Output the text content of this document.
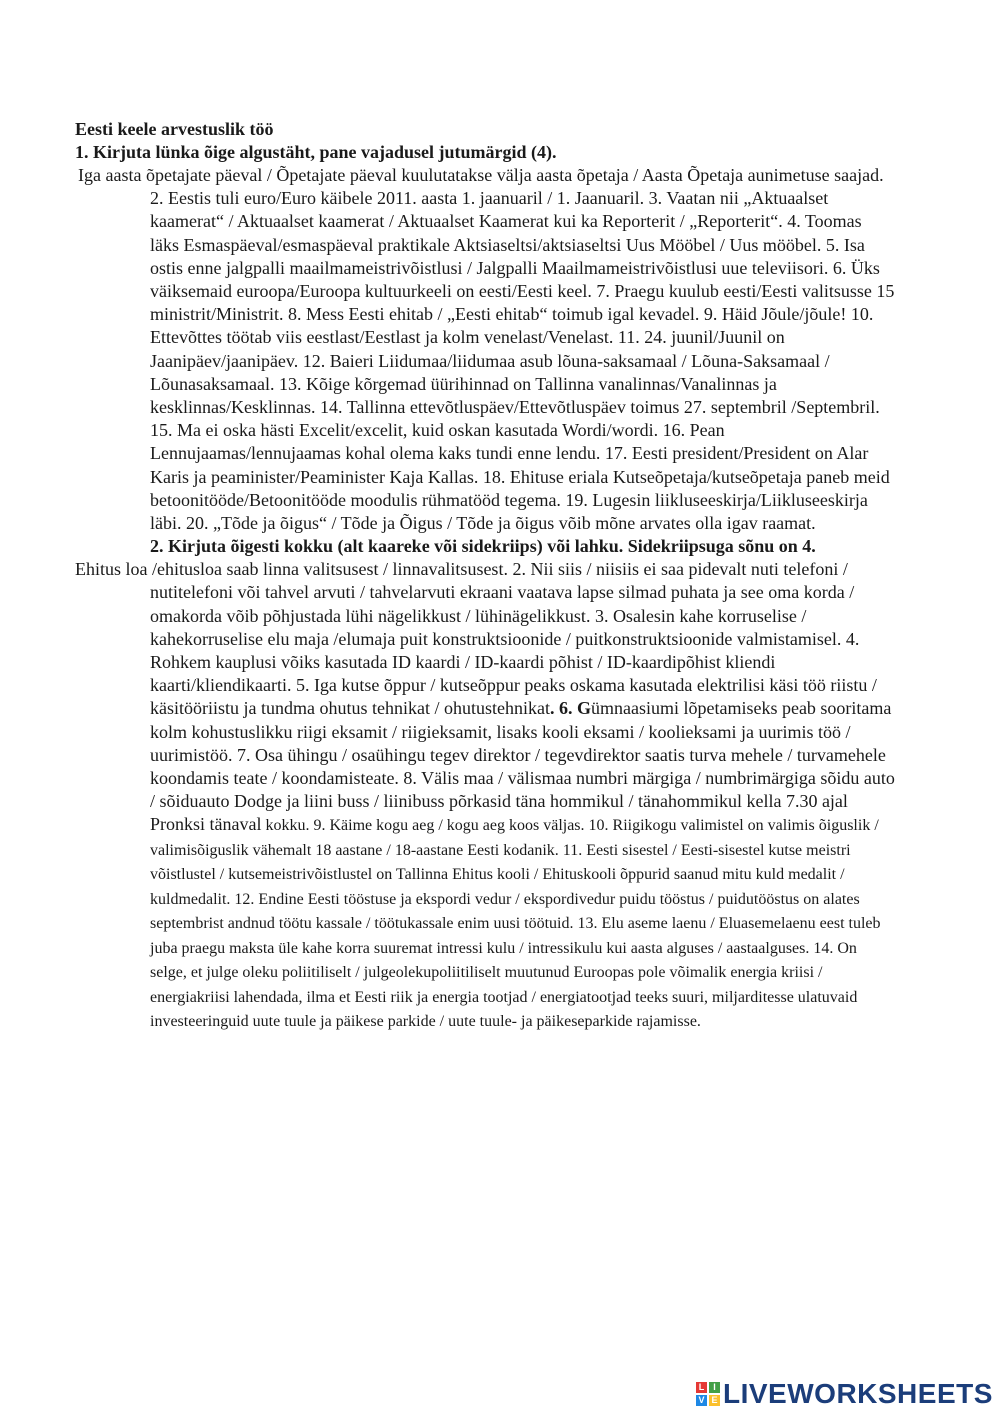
Eesti keele arvestuslik töö

1. Kirjuta lünka õige algustäht, pane vajadusel jutumärgid (4).

Iga aasta õpetajate päeval / Õpetajate päeval kuulutatakse välja aasta õpetaja / Aasta Õpetaja aunimetuse saajad. 2. Eestis tuli euro/Euro käibele 2011. aasta 1. jaanuaril / 1. Jaanuaril. 3. Vaatan nii „Aktuaalset kaamerat“ / Aktuaalset kaamerat / Aktuaalset Kaamerat kui ka Reporterit / „Reporterit“. 4. Toomas läks Esmaspäeval/esmaspäeval praktikale Aktsiaseltsi/aktsiaseltsi Uus Mööbel / Uus mööbel. 5. Isa ostis enne jalgpalli maailmameistrivõistlusi / Jalgpalli Maailmameistrivõistlusi uue televiisori. 6. Üks väiksemaid euroopa/Euroopa kultuurkeeli on eesti/Eesti keel. 7. Praegu kuulub eesti/Eesti valitsusse 15 ministrit/Ministrit. 8. Mess Eesti ehitab / „Eesti ehitab“ toimub igal kevadel. 9. Häid Jõule/jõule! 10. Ettevõttes töötab viis eestlast/Eestlast ja kolm venelast/Venelast. 11. 24. juunil/Juunil on Jaanipäev/jaanipäev. 12. Baieri Liidumaa/liidumaa asub lõuna-saksamaal / Lõuna-Saksamaal / Lõunasaksamaal. 13. Kõige kõrgemad üürihinnad on Tallinna vanalinnas/Vanalinnas ja kesklinnas/Kesklinnas. 14. Tallinna ettevõtluspäev/Ettevõtluspäev toimus 27. septembril /Septembril. 15. Ma ei oska hästi Excelit/excelit, kuid oskan kasutada Wordi/wordi. 16. Pean Lennujaamas/lennujaamas kohal olema kaks tundi enne lendu. 17. Eesti president/President on Alar Karis ja peaminister/Peaminister Kaja Kallas. 18. Ehituse eriala Kutseõpetaja/kutseõpetaja paneb meid betoonitööde/Betoonitööde moodulis rühmatööd tegema. 19. Lugesin liikluseeskirja/Liikluseeskirja läbi. 20. „Tõde ja õigus“ / Tõde ja Õigus / Tõde ja õigus võib mõne arvates olla igav raamat.

2. Kirjuta õigesti kokku (alt kaareke või sidekriips) või lahku. Sidekriipsuga sõnu on 4.

Ehitus loa /ehitusloa saab linna valitsusest / linnavalitsusest. 2. Nii siis / niisiis ei saa pidevalt nuti telefoni / nutitelefoni või tahvel arvuti / tahvelarvuti ekraani vaatava lapse silmad puhata ja see oma korda / omakorda võib põhjustada lühi nägelikkust / lühinägelikkust. 3. Osalesin kahe korruselise / kahekorruselise elu maja /elumaja puit konstruktsioonide / puitkonstruktsioonide valmistamisel. 4. Rohkem kauplusi võiks kasutada ID kaardi / ID-kaardi põhist / ID-kaardipõhist kliendi kaarti/kliendikaarti. 5. Iga kutse õppur / kutseõppur peaks oskama kasutada elektrilisi käsi töö riistu / käsitööriistu ja tundma ohutus tehnikat / ohutustehnikat. 6. Gümnaasiumi lõpetamiseks peab sooritama kolm kohustuslikku riigi eksamit / riigieksamit, lisaks kooli eksami / koolieksami ja uurimis töö / uurimistöö. 7. Osa ühingu / osaühingu tegev direktor / tegevdirektor saatis turva mehele / turvamehele koondamis teate / koondamisteate. 8. Välis maa / välismaa numbri märgiga / numbrimärgiga sõidu auto / sõiduauto Dodge ja liini buss / liinibuss põrkasid täna hommikul / tänahommikul kella 7.30 ajal Pronksi tänaval kokku. 9. Käime kogu aeg / kogu aeg koos väljas. 10. Riigikogu valimistel on valimis õiguslik / valimisõiguslik vähemalt 18 aastane / 18-aastane Eesti kodanik. 11. Eesti sisestel / Eesti-sisestel kutse meistri võistlustel / kutsemeistrivõistlustel on Tallinna Ehitus kooli / Ehituskooli õppurid saanud mitu kuld medalit / kuldmedalit. 12. Endine Eesti tööstuse ja ekspordi vedur / ekspordivedur puidu tööstus / puidutööstus on alates septembrist andnud töötu kassale / töötukassale enim uusi töötuid. 13. Elu aseme laenu / Eluasemelaenu eest tuleb juba praegu maksta üle kahe korra suuremat intressi kulu / intressikulu kui aasta alguses / aastaalguses. 14. On selge, et julge oleku poliitiliselt / julgeolekupoliitiliselt muutunud Euroopas pole võimalik energia kriisi / energiakriisi lahendada, ilma et Eesti riik ja energia tootjad / energiatootjad teeks suuri, miljarditesse ulatuvaid investeeringuid uute tuule ja päikese parkide / uute tuule- ja päikeseparkide rajamisse.

L I
V E LIVEWORKSHEETS
